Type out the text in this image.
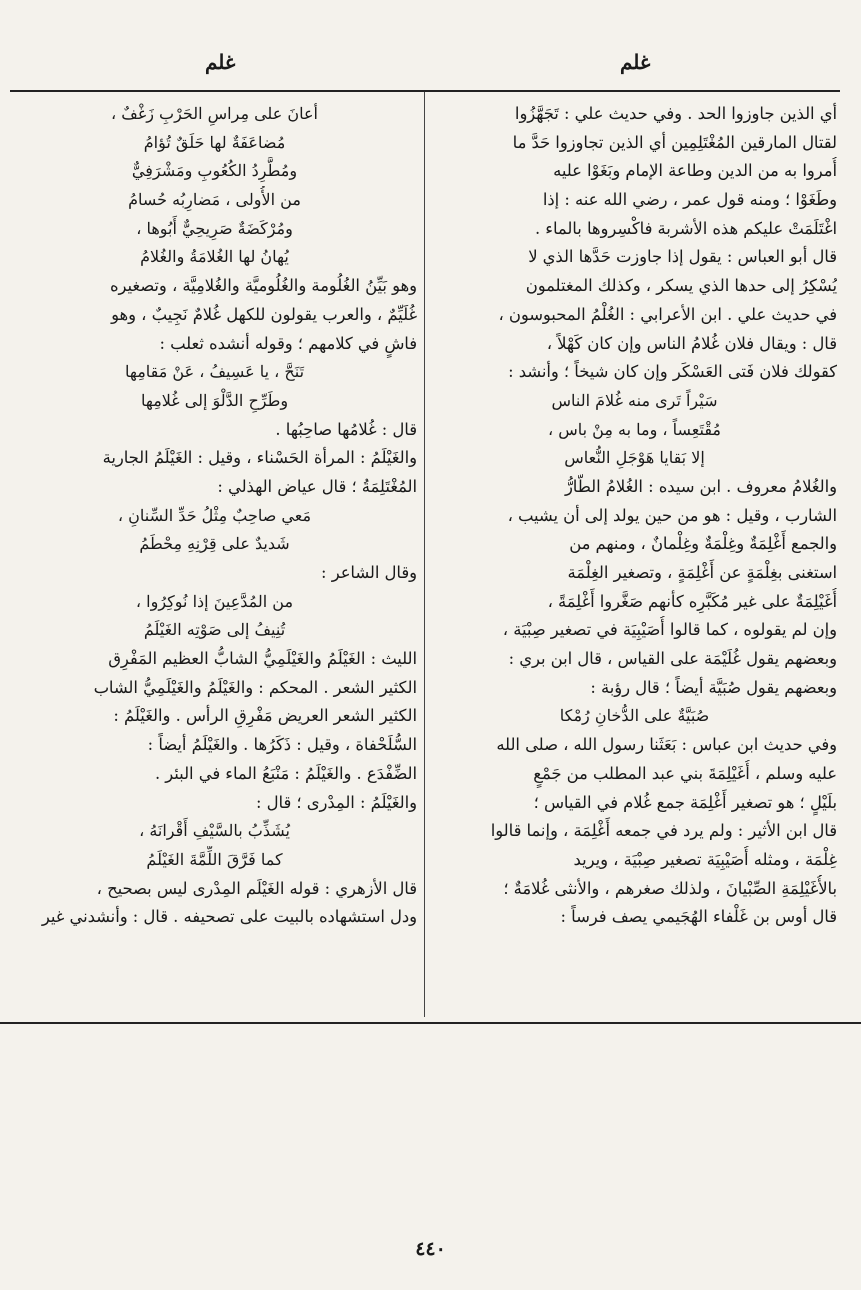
غلم
غلم
أي الذين جاوزوا الحد . وفي حديث علي : تَجَهَّزُوا
لقتال المارقين المُغْتَلِمِين أي الذين تجاوزوا حَدَّ ما
أُمروا به من الدين وطاعة الإمام وبَغَوْا عليه
وطَغَوْا ؛ ومنه قول عمر ، رضي الله عنه : إذا
اغْتَلَمَتْ عليكم هذه الأشربة فاكْسِروها بالماء .
قال أبو العباس : يقول إذا جاوزت حَدَّها الذي لا
يُسْكِرُ إلى حدها الذي يسكر ، وكذلك المغتلمون
في حديث علي . ابن الأعرابي : الغُلْمُ المحبوسون ،
قال : ويقال فلان غُلامُ الناس وإن كان كَهْلاً ،
كقولك فلان فَتى العَسْكَر وإن كان شيخاً ؛ وأنشد :
سَيْراً تَرى منه غُلامَ الناس
مُقْتَعِساً ، وما به مِنْ باس ،
إلا بَقايا هَوْجَلِ النُّعاس
والغُلامُ معروف . ابن سيده : الغُلامُ الطّارُّ
الشارب ، وقيل : هو من حين يولد إلى أن يشيب ،
والجمع أَغْلِمَةٌ وغِلْمَةٌ وغِلْمانٌ ، ومنهم من
استغنى بغِلْمَةٍ عن أَغْلِمَةٍ ، وتصغير الغِلْمَة
أُغَيْلِمَةٌ على غير مُكَبَّرِه كأنهم صَغَّروا أَغْلِمَةً ،
وإن لم يقولوه ، كما قالوا أُصَيْبِيَة في تصغير صِبْيَة ،
وبعضهم يقول غُلَيْمَة على القياس ، قال ابن بري :
وبعضهم يقول صُبَيَّة أيضاً ؛ قال رؤبة :
صُبَيَّةٌ على الدُّخانِ رُمْكا
وفي حديث ابن عباس : بَعَثَنا رسول الله ، صلى الله
عليه وسلم ، أُغَيْلِمَةَ بني عبد المطلب من جَمْعٍ
بلَيْلٍ ؛ هو تصغير أَغْلِمَة جمع غُلام في القياس ؛
قال ابن الأثير : ولم يرد في جمعه أَغْلِمَة ، وإنما قالوا
غِلْمَة ، ومثله أُصَيْبِيَة تصغير صِبْيَة ، ويريد
بالأُغَيْلِمَةِ الصِّبْيانَ ، ولذلك صغرهم ، والأنثى غُلامَةٌ ؛
قال أوس بن غَلْفاء الهُجَيمي يصف فرساً :
أعانَ على مِراسِ الحَرْبِ زَغْفٌ ،
مُضاعَفَةٌ لها حَلَقٌ تُؤامُ
ومُطَّرِدُ الكُعُوبِ ومَشْرَفِيٌّ
من الأُولى ، مَضارِبُه حُسامُ
ومُرْكَضَةٌ صَرِيحِيٌّ أَبُوها ،
يُهانُ لها الغُلامَةُ والغُلامُ
وهو بَيِّنُ الغُلُومة والغُلُوميَّة والغُلامِيَّة ، وتصغيره
غُلَيِّمٌ ، والعرب يقولون للكهل غُلامٌ نَجِيبٌ ، وهو
فاشٍ في كلامهم ؛ وقوله أنشده ثعلب :
تَنَحَّ ، يا عَسِيفُ ، عَنْ مَقامِها
وطَرِّحِ الدَّلْوَ إلى غُلامِها
قال : غُلامُها صاحِبُها .
والغَيْلَمُ : المرأة الحَسْناء ، وقيل : الغَيْلَمُ الجارية
المُغْتَلِمَةُ ؛ قال عياض الهذلي :
مَعي صاحِبٌ مِثْلُ حَدِّ السِّنانِ ،
شَديدٌ على قِرْنِهِ مِحْطَمُ
وقال الشاعر :
من المُدَّعِينَ إذا نُوكِرُوا ،
تُنِيفُ إلى صَوْتِه الغَيْلَمُ
الليث : الغَيْلَمُ والغَيْلَمِيُّ الشابُّ العظيم المَفْرِق
الكثير الشعر . المحكم : والغَيْلَمُ والغَيْلَمِيُّ الشاب
الكثير الشعر العريض مَفْرِقِ الرأس . والغَيْلَمُ :
السُّلَحْفاة ، وقيل : ذَكَرُها . والغَيْلَمُ أيضاً :
الضِّفْدَع . والغَيْلَمُ : مَنْبَعُ الماء في البئر .
والغَيْلَمُ : المِدْرى ؛ قال :
يُشَذِّبُ بالسَّيْفِ أَقْرانَهُ ،
كما فَرَّقَ اللِّمَّةَ الغَيْلَمُ
قال الأزهري : قوله الغَيْلَم المِدْرى ليس بصحيح ،
ودل استشهاده بالبيت على تصحيفه . قال : وأنشدني غير
٤٤٠
